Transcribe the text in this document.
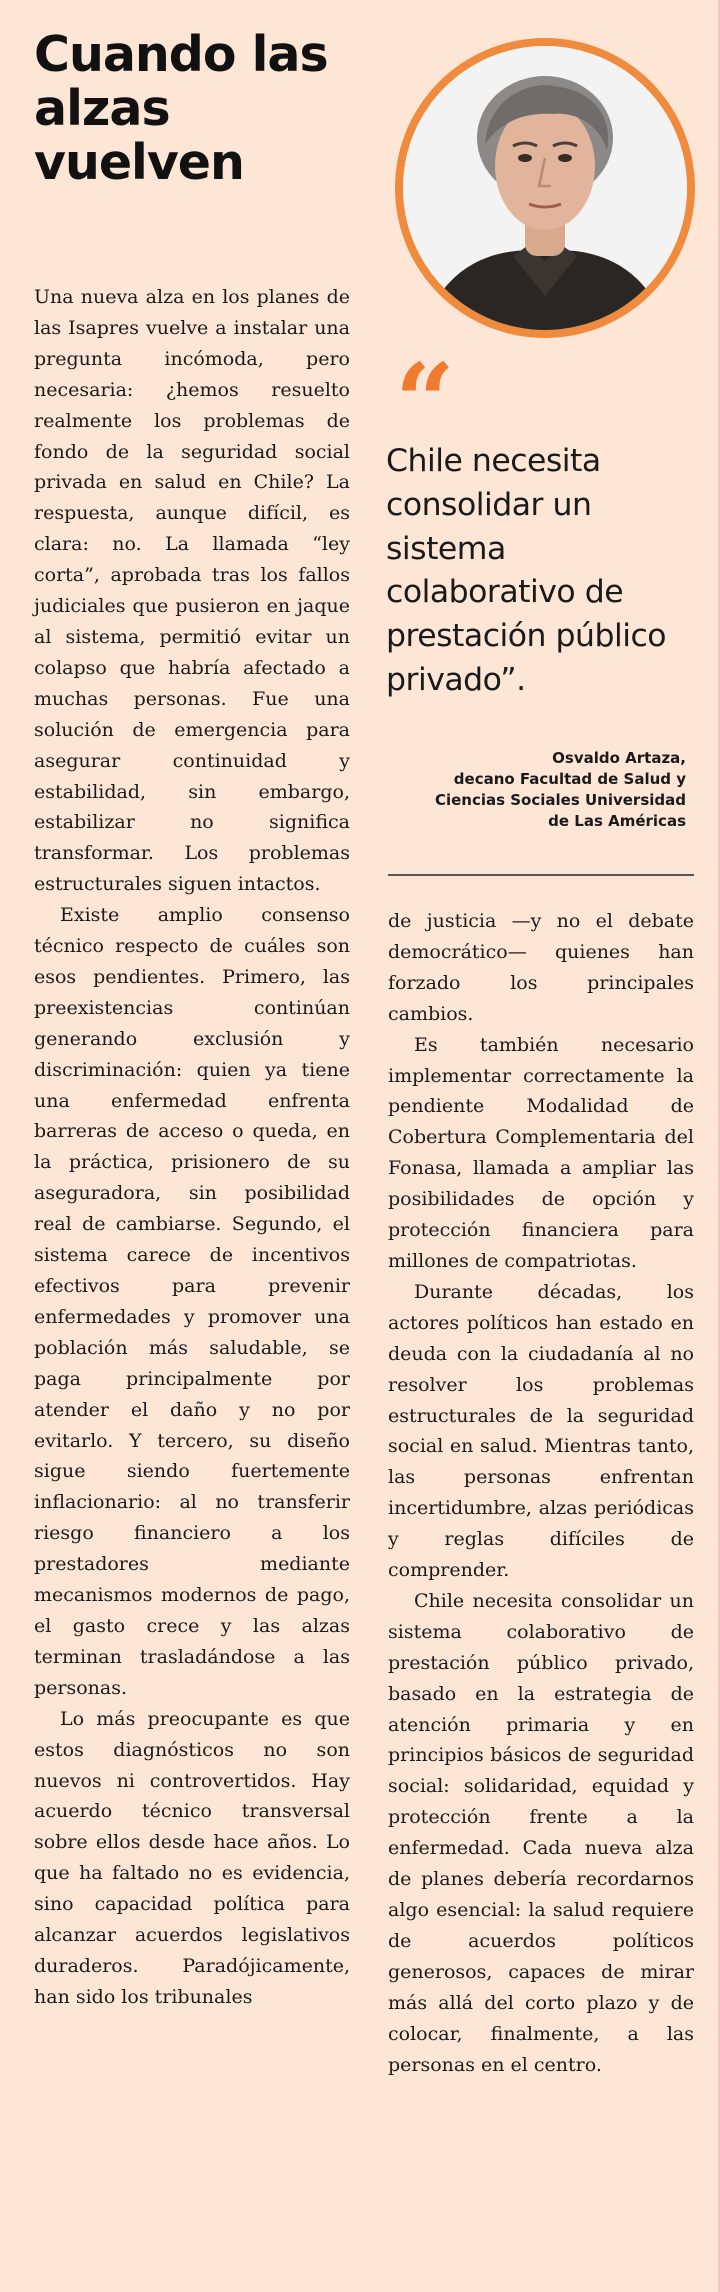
Cuando las alzas vuelven

Una nueva alza en los planes de las Isapres vuelve a instalar una pregunta incómoda, pero necesaria: ¿hemos resuelto realmente los problemas de fondo de la seguridad social privada en salud en Chile? La respuesta, aunque difícil, es clara: no. La llamada “ley corta”, aprobada tras los fallos judiciales que pusieron en jaque al sistema, permitió evitar un colapso que habría afectado a muchas personas. Fue una solución de emergencia para asegurar continuidad y estabilidad, sin embargo, estabilizar no significa transformar. Los problemas estructurales siguen intactos.

Existe amplio consenso técnico respecto de cuáles son esos pendientes. Primero, las preexistencias continúan generando exclusión y discriminación: quien ya tiene una enfermedad enfrenta barreras de acceso o queda, en la práctica, prisionero de su aseguradora, sin posibilidad real de cambiarse. Segundo, el sistema carece de incentivos efectivos para prevenir enfermedades y promover una población más saludable, se paga principalmente por atender el daño y no por evitarlo. Y tercero, su diseño sigue siendo fuertemente inflacionario: al no transferir riesgo financiero a los prestadores mediante mecanismos modernos de pago, el gasto crece y las alzas terminan trasladándose a las personas.

Lo más preocupante es que estos diagnósticos no son nuevos ni controvertidos. Hay acuerdo técnico transversal sobre ellos desde hace años. Lo que ha faltado no es evidencia, sino capacidad política para alcanzar acuerdos legislativos duraderos. Paradójicamente, han sido los tribunales

“

Chile necesita consolidar un sistema colaborativo de prestación público privado”.

Osvaldo Artaza,
decano Facultad de Salud y
Ciencias Sociales Universidad
de Las Américas

de justicia —y no el debate democrático— quienes han forzado los principales cambios.

Es también necesario implementar correctamente la pendiente Modalidad de Cobertura Complementaria del Fonasa, llamada a ampliar las posibilidades de opción y protección financiera para millones de compatriotas.

Durante décadas, los actores políticos han estado en deuda con la ciudadanía al no resolver los problemas estructurales de la seguridad social en salud. Mientras tanto, las personas enfrentan incertidumbre, alzas periódicas y reglas difíciles de comprender.

Chile necesita consolidar un sistema colaborativo de prestación público privado, basado en la estrategia de atención primaria y en principios básicos de seguridad social: solidaridad, equidad y protección frente a la enfermedad. Cada nueva alza de planes debería recordarnos algo esencial: la salud requiere de acuerdos políticos generosos, capaces de mirar más allá del corto plazo y de colocar, finalmente, a las personas en el centro.
